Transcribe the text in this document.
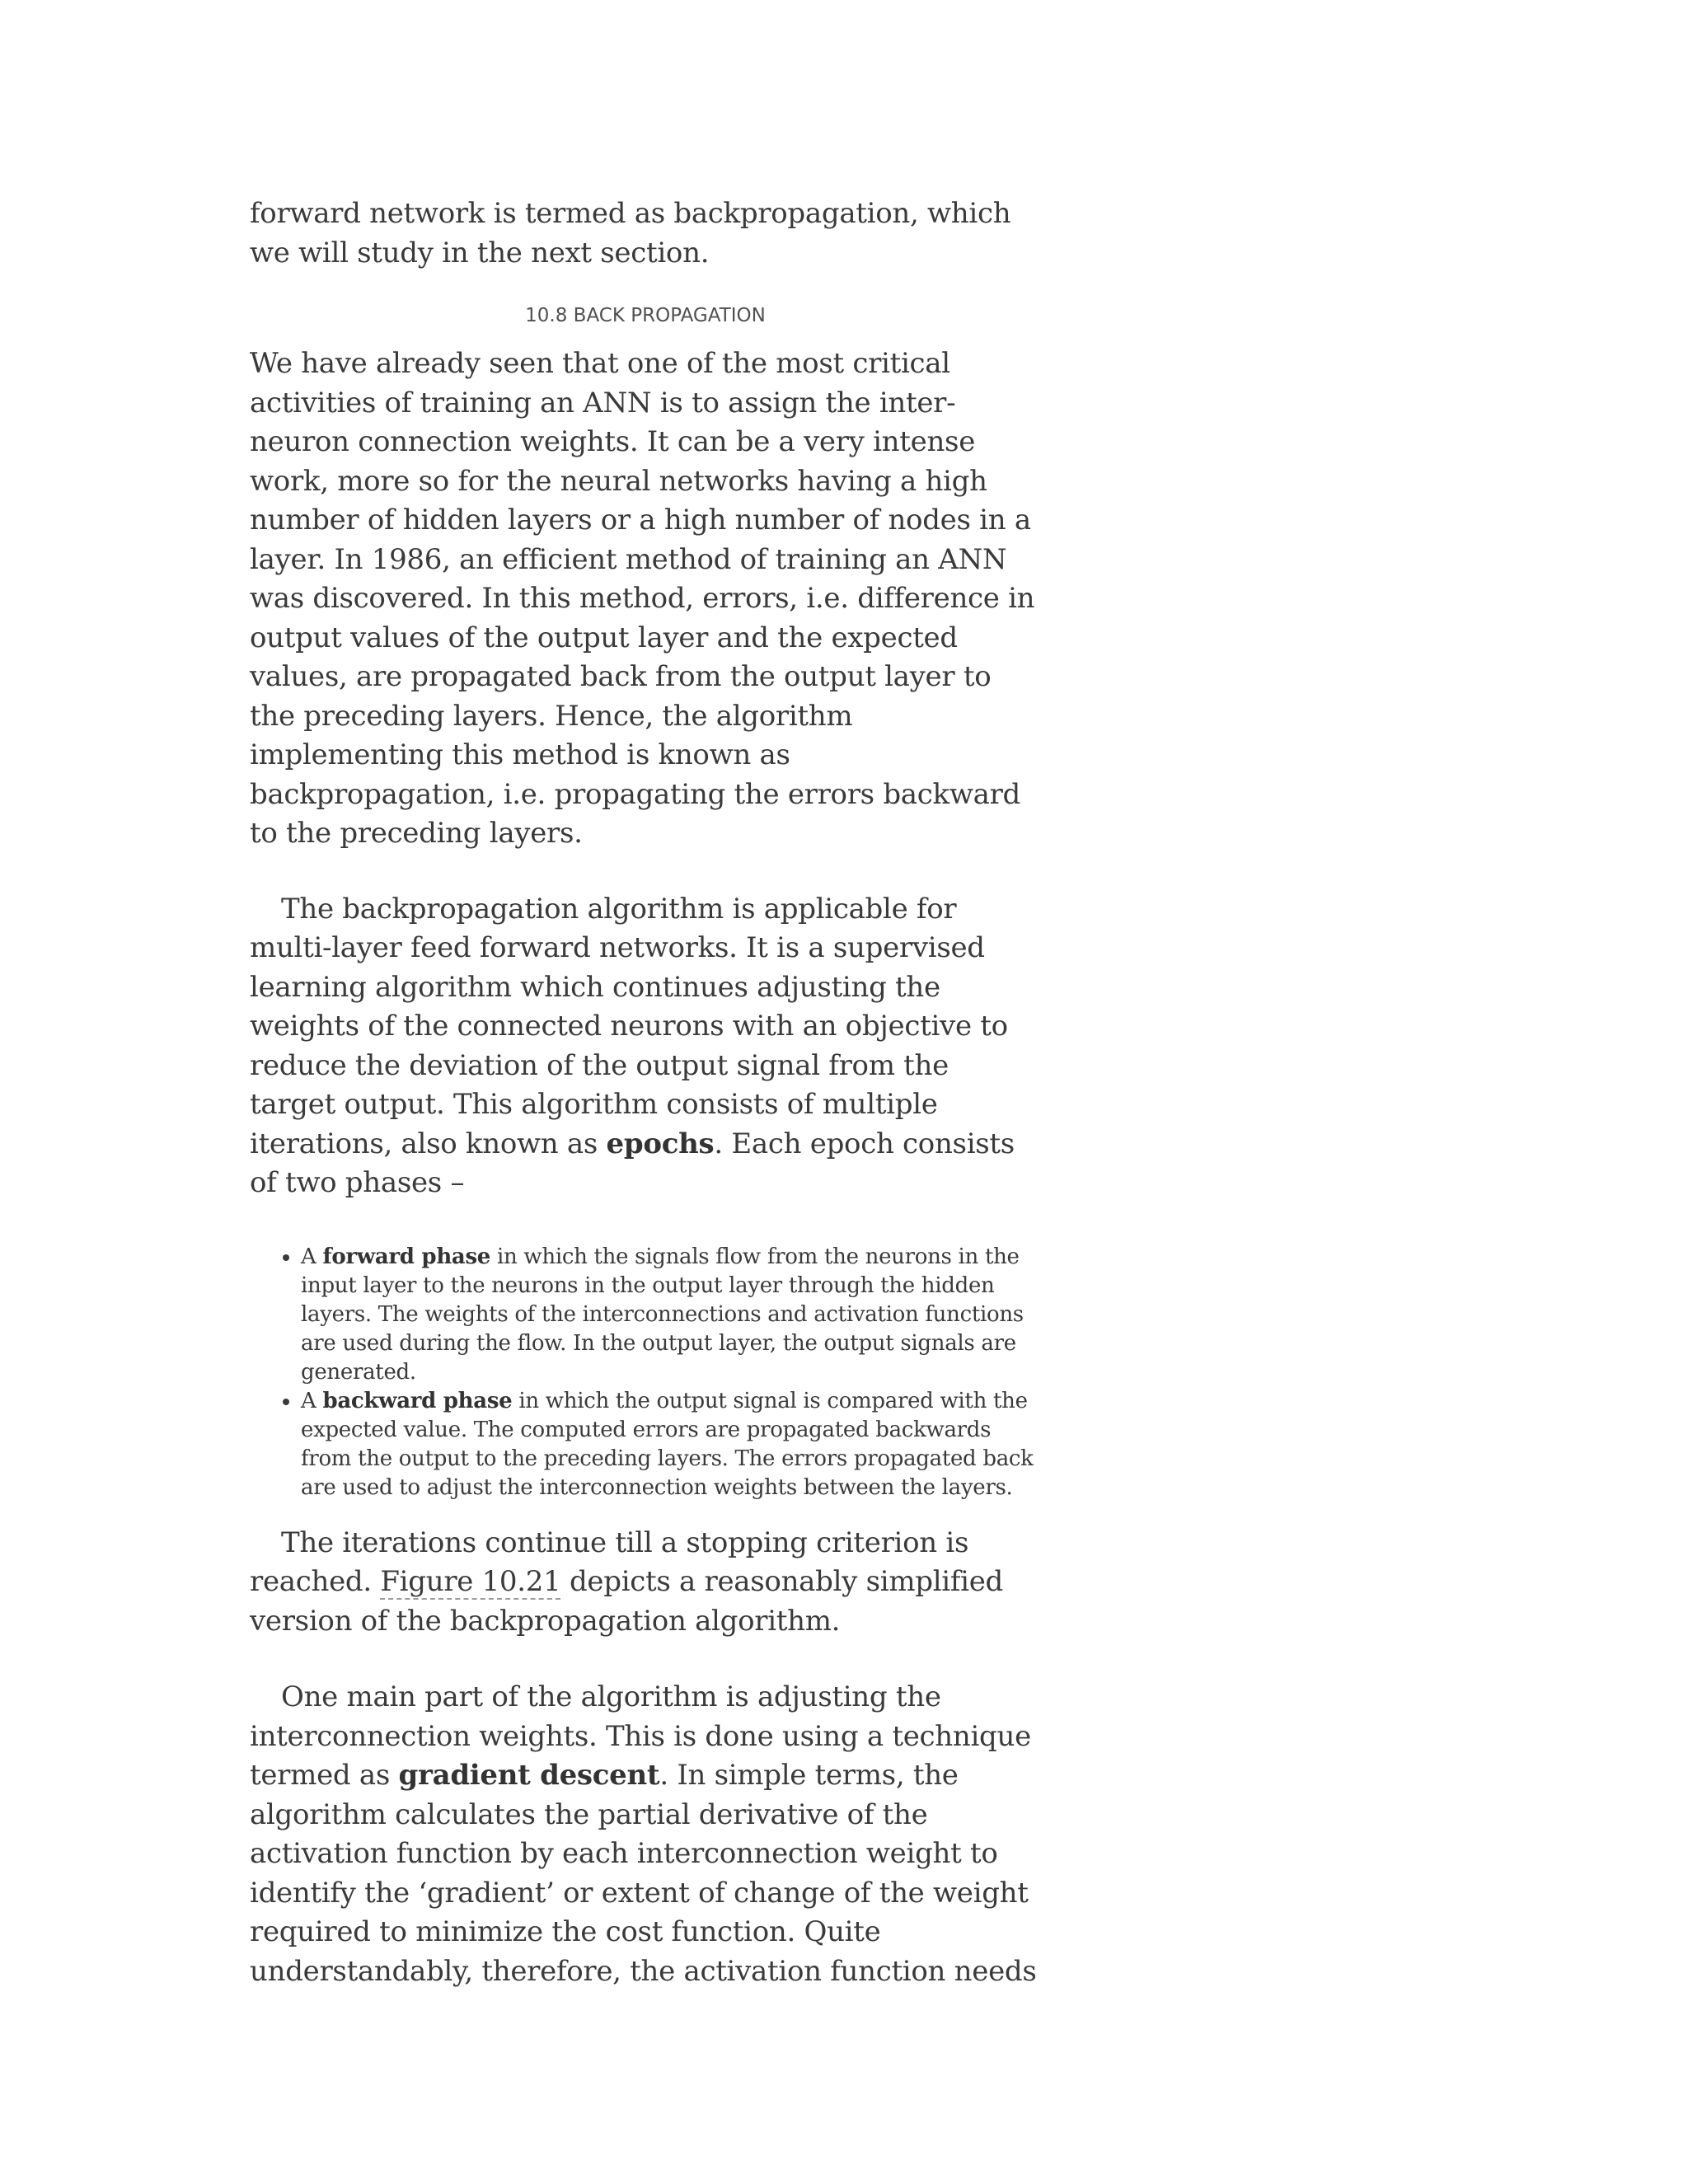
forward network is termed as backpropagation, which we will study in the next section.

10.8 BACK PROPAGATION

We have already seen that one of the most critical activities of training an ANN is to assign the inter-neuron connection weights. It can be a very intense work, more so for the neural networks having a high number of hidden layers or a high number of nodes in a layer. In 1986, an efficient method of training an ANN was discovered. In this method, errors, i.e. difference in output values of the output layer and the expected values, are propagated back from the output layer to the preceding layers. Hence, the algorithm implementing this method is known as backpropagation, i.e. propagating the errors backward to the preceding layers.

The backpropagation algorithm is applicable for multi-layer feed forward networks. It is a supervised learning algorithm which continues adjusting the weights of the connected neurons with an objective to reduce the deviation of the output signal from the target output. This algorithm consists of multiple iterations, also known as epochs. Each epoch consists of two phases –

• A forward phase in which the signals flow from the neurons in the input layer to the neurons in the output layer through the hidden layers. The weights of the interconnections and activation functions are used during the flow. In the output layer, the output signals are generated.
• A backward phase in which the output signal is compared with the expected value. The computed errors are propagated backwards from the output to the preceding layers. The errors propagated back are used to adjust the interconnection weights between the layers.

The iterations continue till a stopping criterion is reached. Figure 10.21 depicts a reasonably simplified version of the backpropagation algorithm.

One main part of the algorithm is adjusting the interconnection weights. This is done using a technique termed as gradient descent. In simple terms, the algorithm calculates the partial derivative of the activation function by each interconnection weight to identify the ‘gradient’ or extent of change of the weight required to minimize the cost function. Quite understandably, therefore, the activation function needs
